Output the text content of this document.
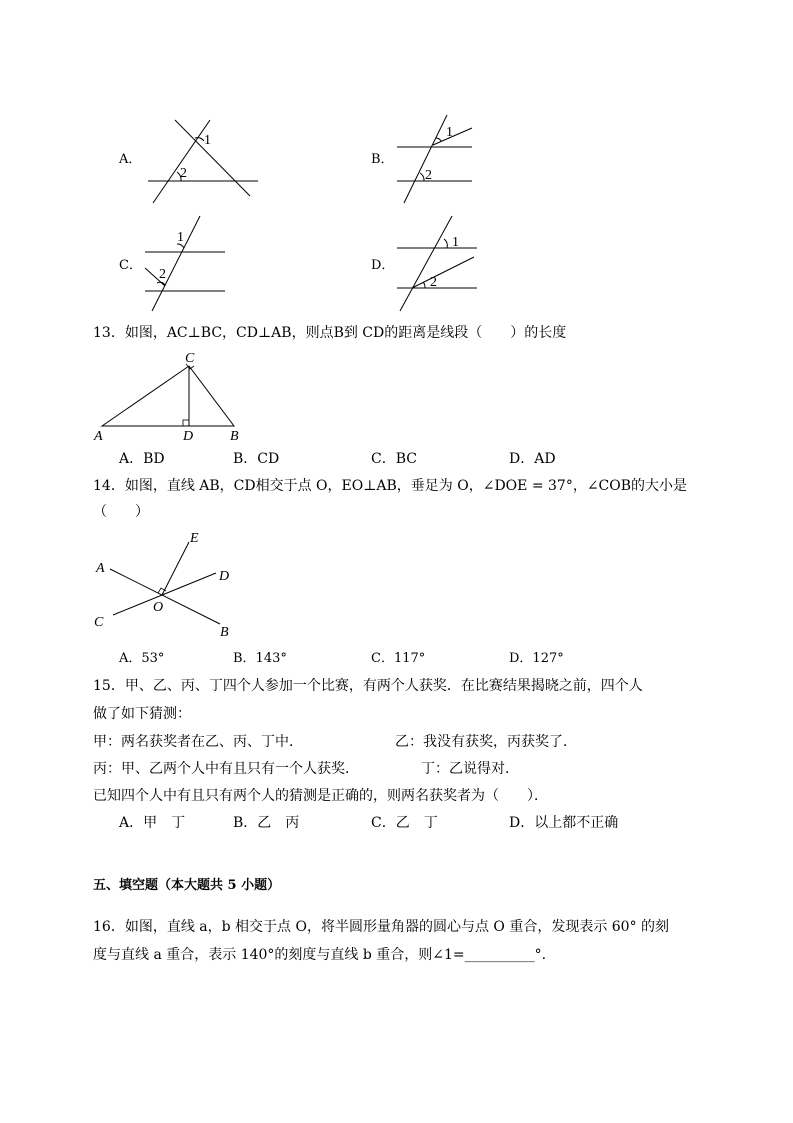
A．
1
2
B．
1
2
C．
1
2
D．
1
2
13．如图，AC⊥BC，CD⊥AB，则点B到 CD的距离是线段（　　）的长度
C
A	D	B
A．BD	B．CD	C．BC	D．AD
14．如图，直线 AB，CD相交于点 O，EO⊥AB，垂足为 O，∠DOE = 37°，∠COB的大小是
（　　）
E
A
D
O
C
B
A．53°	B．143°	C．117°	D．127°
15．甲、乙、丙、丁四个人参加一个比赛，有两个人获奖．在比赛结果揭晓之前，四个人
做了如下猜测：
甲：两名获奖者在乙、丙、丁中．	乙：我没有获奖，丙获奖了．
丙：甲、乙两个人中有且只有一个人获奖．	丁：乙说得对．
已知四个人中有且只有两个人的猜测是正确的，则两名获奖者为（　　）．
A．甲　丁	B．乙　丙	C．乙　丁	D．以上都不正确
五、填空题（本大题共 5 小题）
16．如图，直线 a，b 相交于点 O，将半圆形量角器的圆心与点 O 重合，发现表示 60° 的刻
度与直线 a 重合，表示 140°的刻度与直线 b 重合，则∠1=__________°.
